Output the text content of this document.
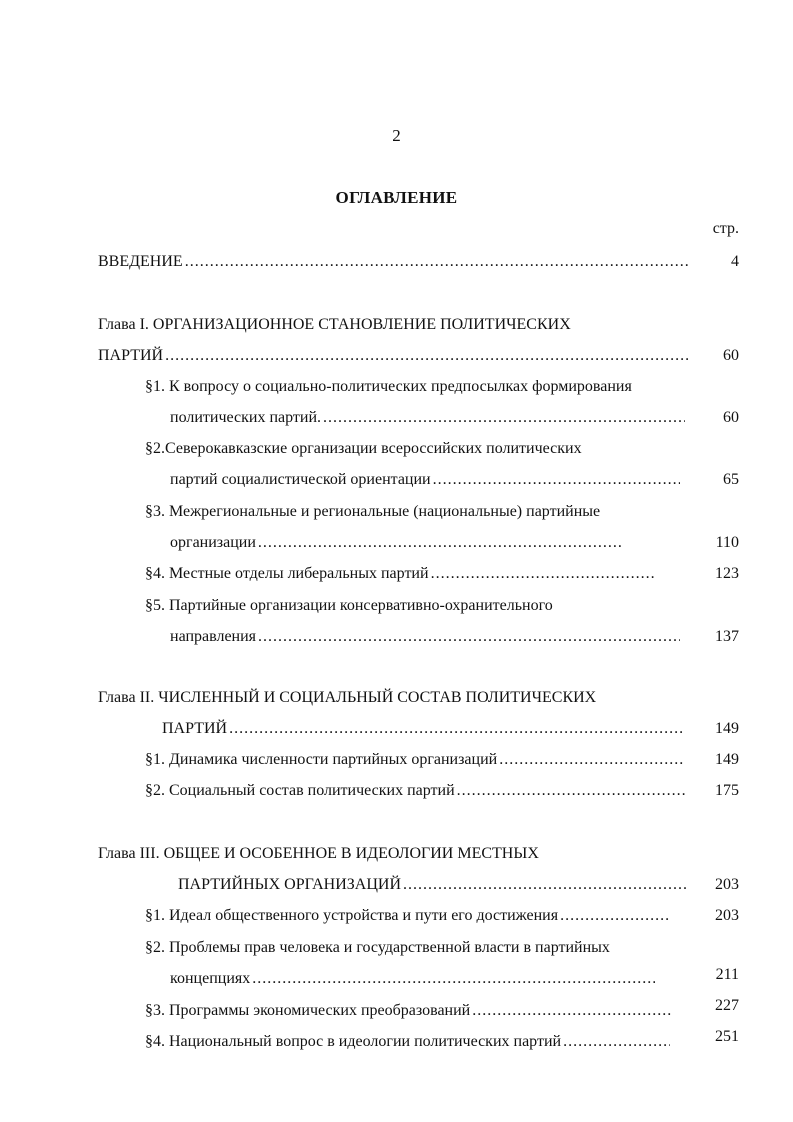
2
ОГЛАВЛЕНИЕ
стр.
ВВЕДЕНИЕ .....	4
Глава I. ОРГАНИЗАЦИОННОЕ СТАНОВЛЕНИЕ ПОЛИТИЧЕСКИХ
ПАРТИЙ .....	60
§1. К вопросу о социально-политических предпосылках формирования
политических партий. .....	60
§2.Северокавказские организации всероссийских политических
партий социалистической ориентации .....	65
§3. Межрегиональные и региональные (национальные) партийные
организации .....	110
§4. Местные отделы либеральных партий .....	123
§5. Партийные организации консервативно-охранительного
направления .....	137
Глава II. ЧИСЛЕННЫЙ И СОЦИАЛЬНЫЙ СОСТАВ ПОЛИТИЧЕСКИХ
ПАРТИЙ .....	149
§1. Динамика численности партийных организаций .....	149
§2. Социальный состав политических партий .....	175
Глава III. ОБЩЕЕ И ОСОБЕННОЕ В ИДЕОЛОГИИ МЕСТНЫХ
ПАРТИЙНЫХ ОРГАНИЗАЦИЙ .....	203
§1. Идеал общественного устройства и пути его достижения .....	203
§2. Проблемы прав человека и государственной власти в партийных
концепциях .....	211
§3. Программы экономических преобразований .....	227
§4. Национальный вопрос в идеологии политических партий .....	251
